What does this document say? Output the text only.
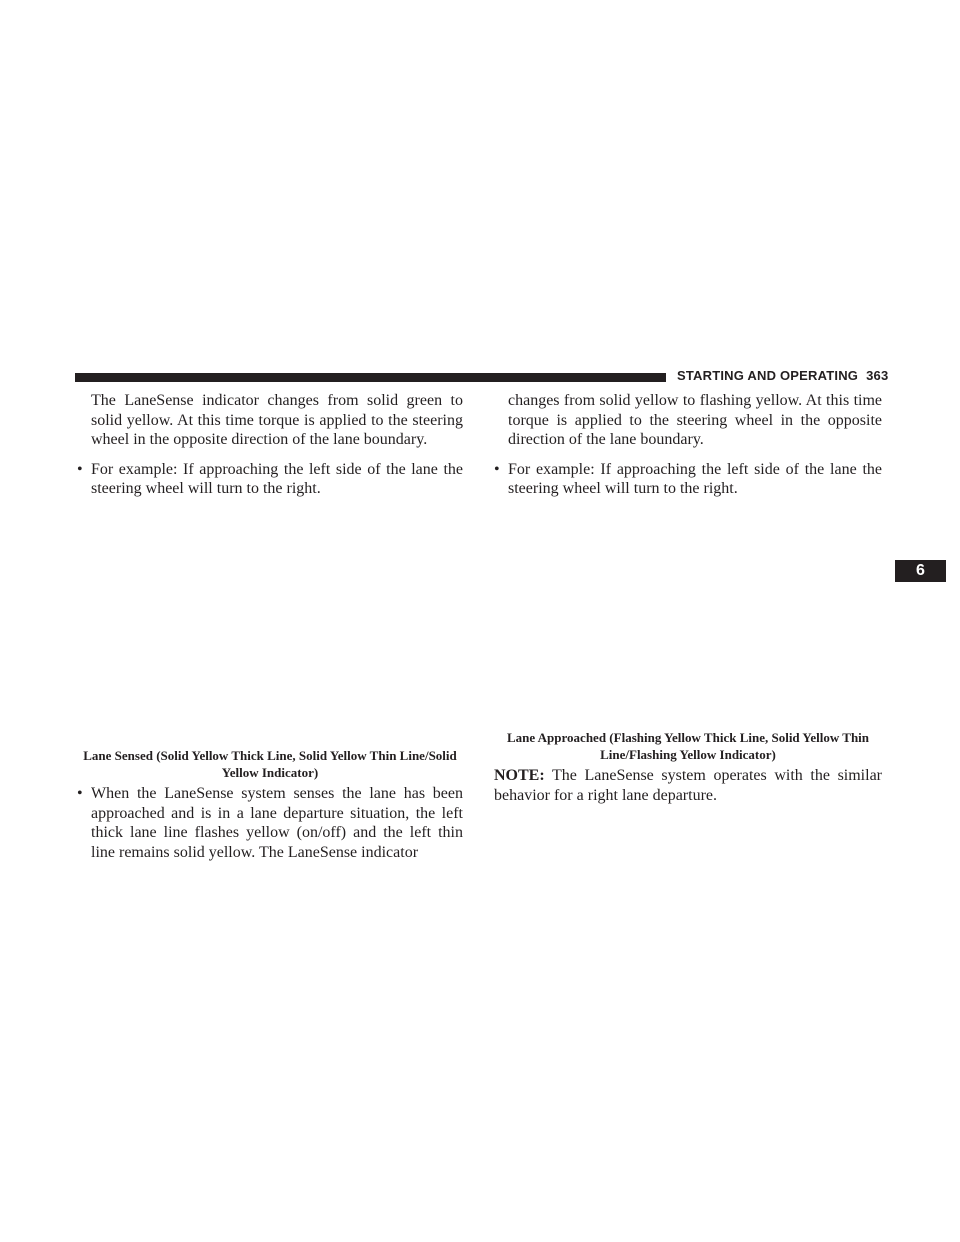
STARTING AND OPERATING 363
6

The LaneSense indicator changes from solid green to solid yellow. At this time torque is applied to the steering wheel in the opposite direction of the lane boundary.

• For example: If approaching the left side of the lane the steering wheel will turn to the right.

Lane Sensed (Solid Yellow Thick Line, Solid Yellow Thin Line/Solid Yellow Indicator)

• When the LaneSense system senses the lane has been approached and is in a lane departure situation, the left thick lane line flashes yellow (on/off) and the left thin line remains solid yellow. The LaneSense indicator

changes from solid yellow to flashing yellow. At this time torque is applied to the steering wheel in the opposite direction of the lane boundary.

• For example: If approaching the left side of the lane the steering wheel will turn to the right.

Lane Approached (Flashing Yellow Thick Line, Solid Yellow Thin Line/Flashing Yellow Indicator)

NOTE: The LaneSense system operates with the similar behavior for a right lane departure.
